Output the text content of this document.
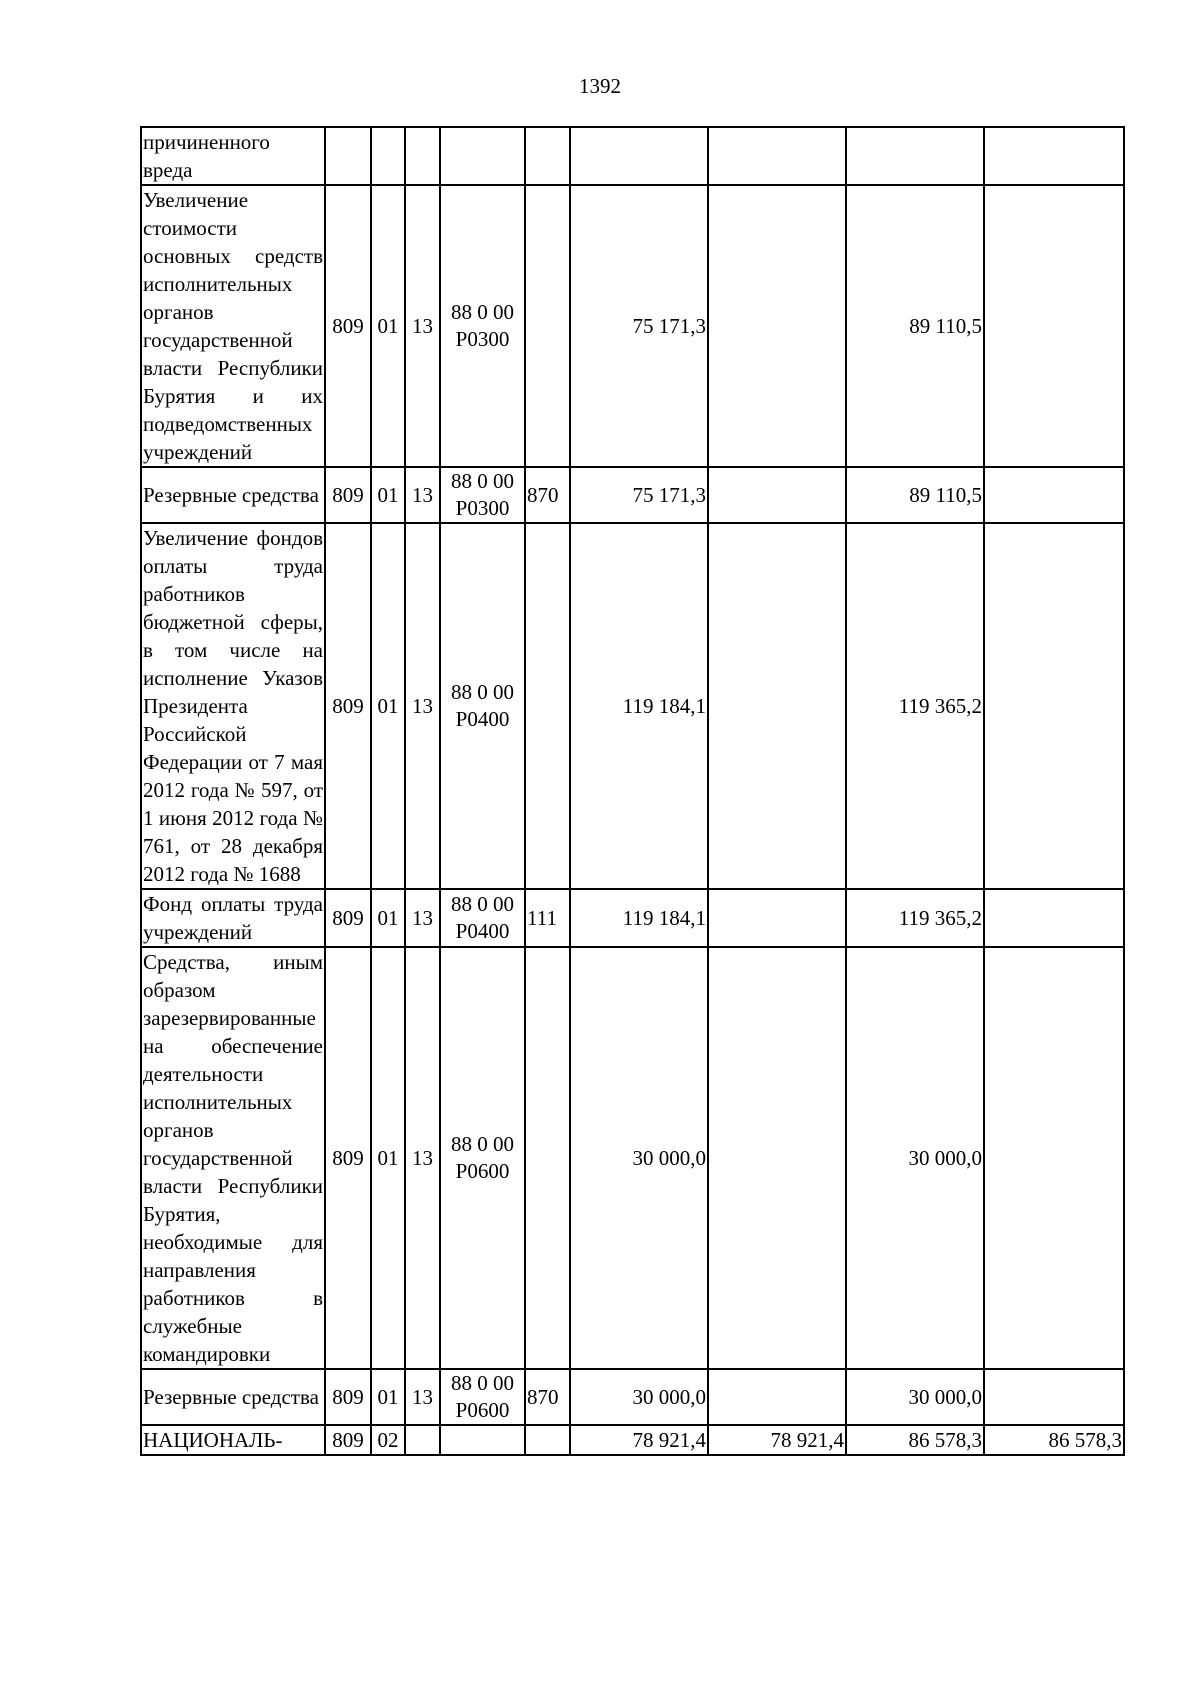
1392
причиненного вреда									
Увеличение стоимости основных средств исполнительных органов государственной власти Республики Бурятия и их подведомственных учреждений	809	01	13	88 0 00 P0300		75 171,3		89 110,5	
Резервные средства	809	01	13	88 0 00 P0300	870	75 171,3		89 110,5	
Увеличение фондов оплаты труда работников бюджетной сферы, в том числе на исполнение Указов Президента Российской Федерации от 7 мая 2012 года № 597, от 1 июня 2012 года № 761, от 28 декабря 2012 года № 1688	809	01	13	88 0 00 P0400		119 184,1		119 365,2	
Фонд оплаты труда учреждений	809	01	13	88 0 00 P0400	111	119 184,1		119 365,2	
Средства, иным образом зарезервированные на обеспечение деятельности исполнительных органов государственной власти Республики Бурятия, необходимые для направления работников в служебные командировки	809	01	13	88 0 00 P0600		30 000,0		30 000,0	
Резервные средства	809	01	13	88 0 00 P0600	870	30 000,0		30 000,0	
НАЦИОНАЛЬ-	809	02				78 921,4	78 921,4	86 578,3	86 578,3
